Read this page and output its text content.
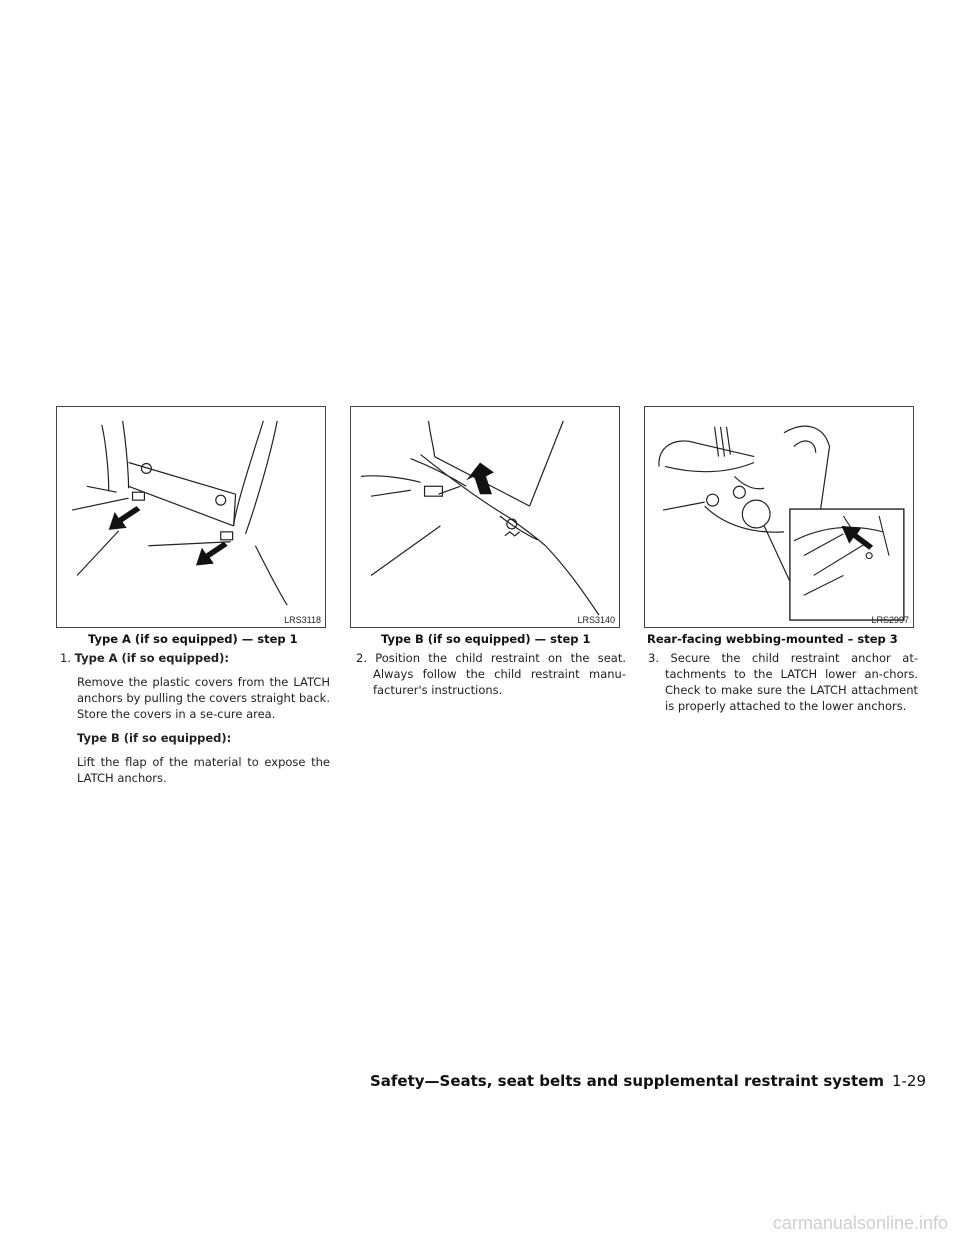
LRS3118	LRS3140	LRS2997
Type A (if so equipped) — step 1	Type B (if so equipped) — step 1	Rear-facing webbing-mounted – step 3

1. Type A (if so equipped):

Remove the plastic covers from the LATCH anchors by pulling the covers straight back. Store the covers in a se-cure area.

Type B (if so equipped):

Lift the flap of the material to expose the LATCH anchors.

2. Position the child restraint on the seat. Always follow the child restraint manu-facturer's instructions.

3. Secure the child restraint anchor at-tachments to the LATCH lower an-chors. Check to make sure the LATCH attachment is properly attached to the lower anchors.

Safety—Seats, seat belts and supplemental restraint system 1-29
carmanualsonline.info
